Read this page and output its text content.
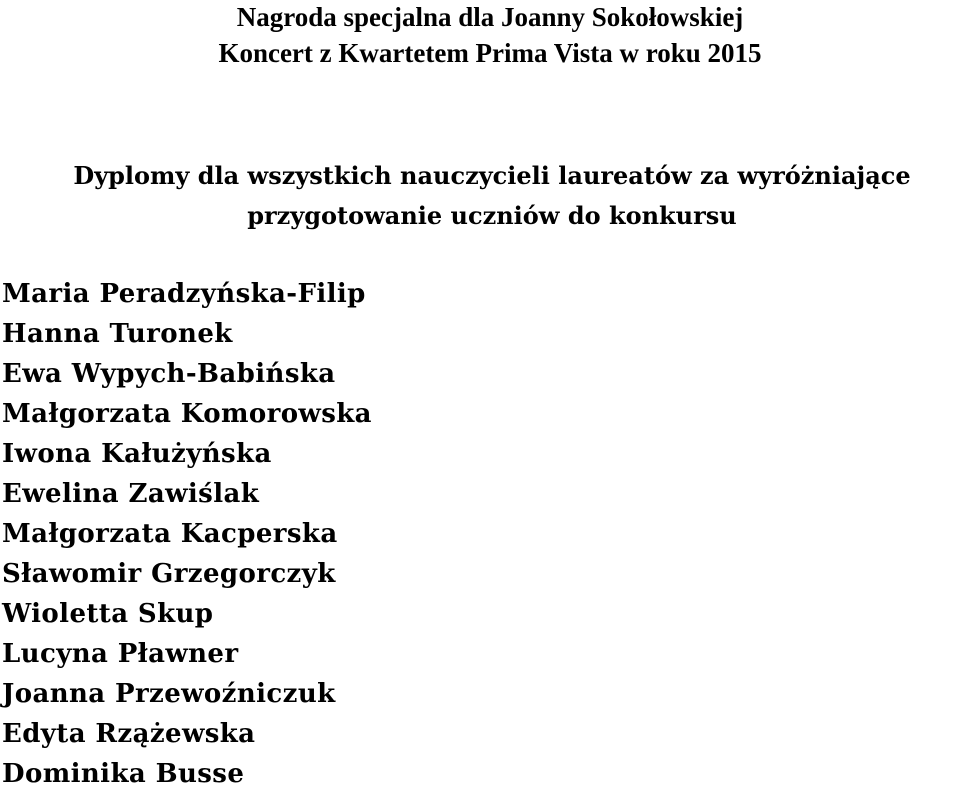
Nagroda specjalna dla Joanny Sokołowskiej
Koncert z Kwartetem Prima Vista w roku 2015
Dyplomy dla wszystkich nauczycieli laureatów za wyróżniające
przygotowanie uczniów do konkursu
Maria Peradzyńska-Filip
Hanna Turonek
Ewa Wypych-Babińska
Małgorzata Komorowska
Iwona Kałużyńska
Ewelina Zawiślak
Małgorzata Kacperska
Sławomir Grzegorczyk
Wioletta Skup
Lucyna Pławner
Joanna Przewoźniczuk
Edyta Rzążewska
Dominika Busse
